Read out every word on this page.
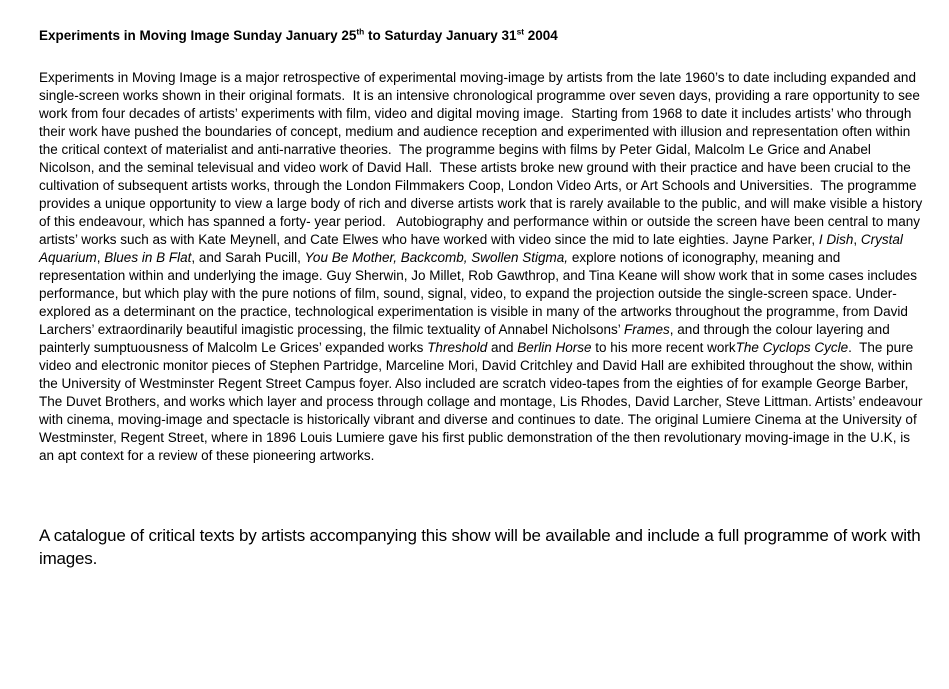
Experiments in Moving Image Sunday January 25th to Saturday January 31st 2004
Experiments in Moving Image is a major retrospective of experimental moving-image by artists from the late 1960’s to date including expanded and single-screen works shown in their original formats.  It is an intensive chronological programme over seven days, providing a rare opportunity to see work from four decades of artists’ experiments with film, video and digital moving image.  Starting from 1968 to date it includes artists’ who through their work have pushed the boundaries of concept, medium and audience reception and experimented with illusion and representation often within the critical context of materialist and anti-narrative theories.  The programme begins with films by Peter Gidal, Malcolm Le Grice and Anabel Nicolson, and the seminal televisual and video work of David Hall.  These artists broke new ground with their practice and have been crucial to the cultivation of subsequent artists works, through the London Filmmakers Coop, London Video Arts, or Art Schools and Universities.  The programme provides a unique opportunity to view a large body of rich and diverse artists work that is rarely available to the public, and will make visible a history of this endeavour, which has spanned a forty- year period.   Autobiography and performance within or outside the screen have been central to many artists’ works such as with Kate Meynell, and Cate Elwes who have worked with video since the mid to late eighties. Jayne Parker, I Dish, Crystal Aquarium, Blues in B Flat, and Sarah Pucill, You Be Mother, Backcomb, Swollen Stigma, explore notions of iconography, meaning and representation within and underlying the image. Guy Sherwin, Jo Millet, Rob Gawthrop, and Tina Keane will show work that in some cases includes performance, but which play with the pure notions of film, sound, signal, video, to expand the projection outside the single-screen space. Under-explored as a determinant on the practice, technological experimentation is visible in many of the artworks throughout the programme, from David Larchers’ extraordinarily beautiful imagistic processing, the filmic textuality of Annabel Nicholsons’ Frames, and through the colour layering and painterly sumptuousness of Malcolm Le Grices’ expanded works Threshold and Berlin Horse to his more recent workThe Cyclops Cycle.  The pure video and electronic monitor pieces of Stephen Partridge, Marceline Mori, David Critchley and David Hall are exhibited throughout the show, within the University of Westminster Regent Street Campus foyer. Also included are scratch video-tapes from the eighties of for example George Barber, The Duvet Brothers, and works which layer and process through collage and montage, Lis Rhodes, David Larcher, Steve Littman. Artists’ endeavour with cinema, moving-image and spectacle is historically vibrant and diverse and continues to date. The original Lumiere Cinema at the University of Westminster, Regent Street, where in 1896 Louis Lumiere gave his first public demonstration of the then revolutionary moving-image in the U.K, is an apt context for a review of these pioneering artworks.
A catalogue of critical texts by artists accompanying this show will be available and include a full programme of work with images.
